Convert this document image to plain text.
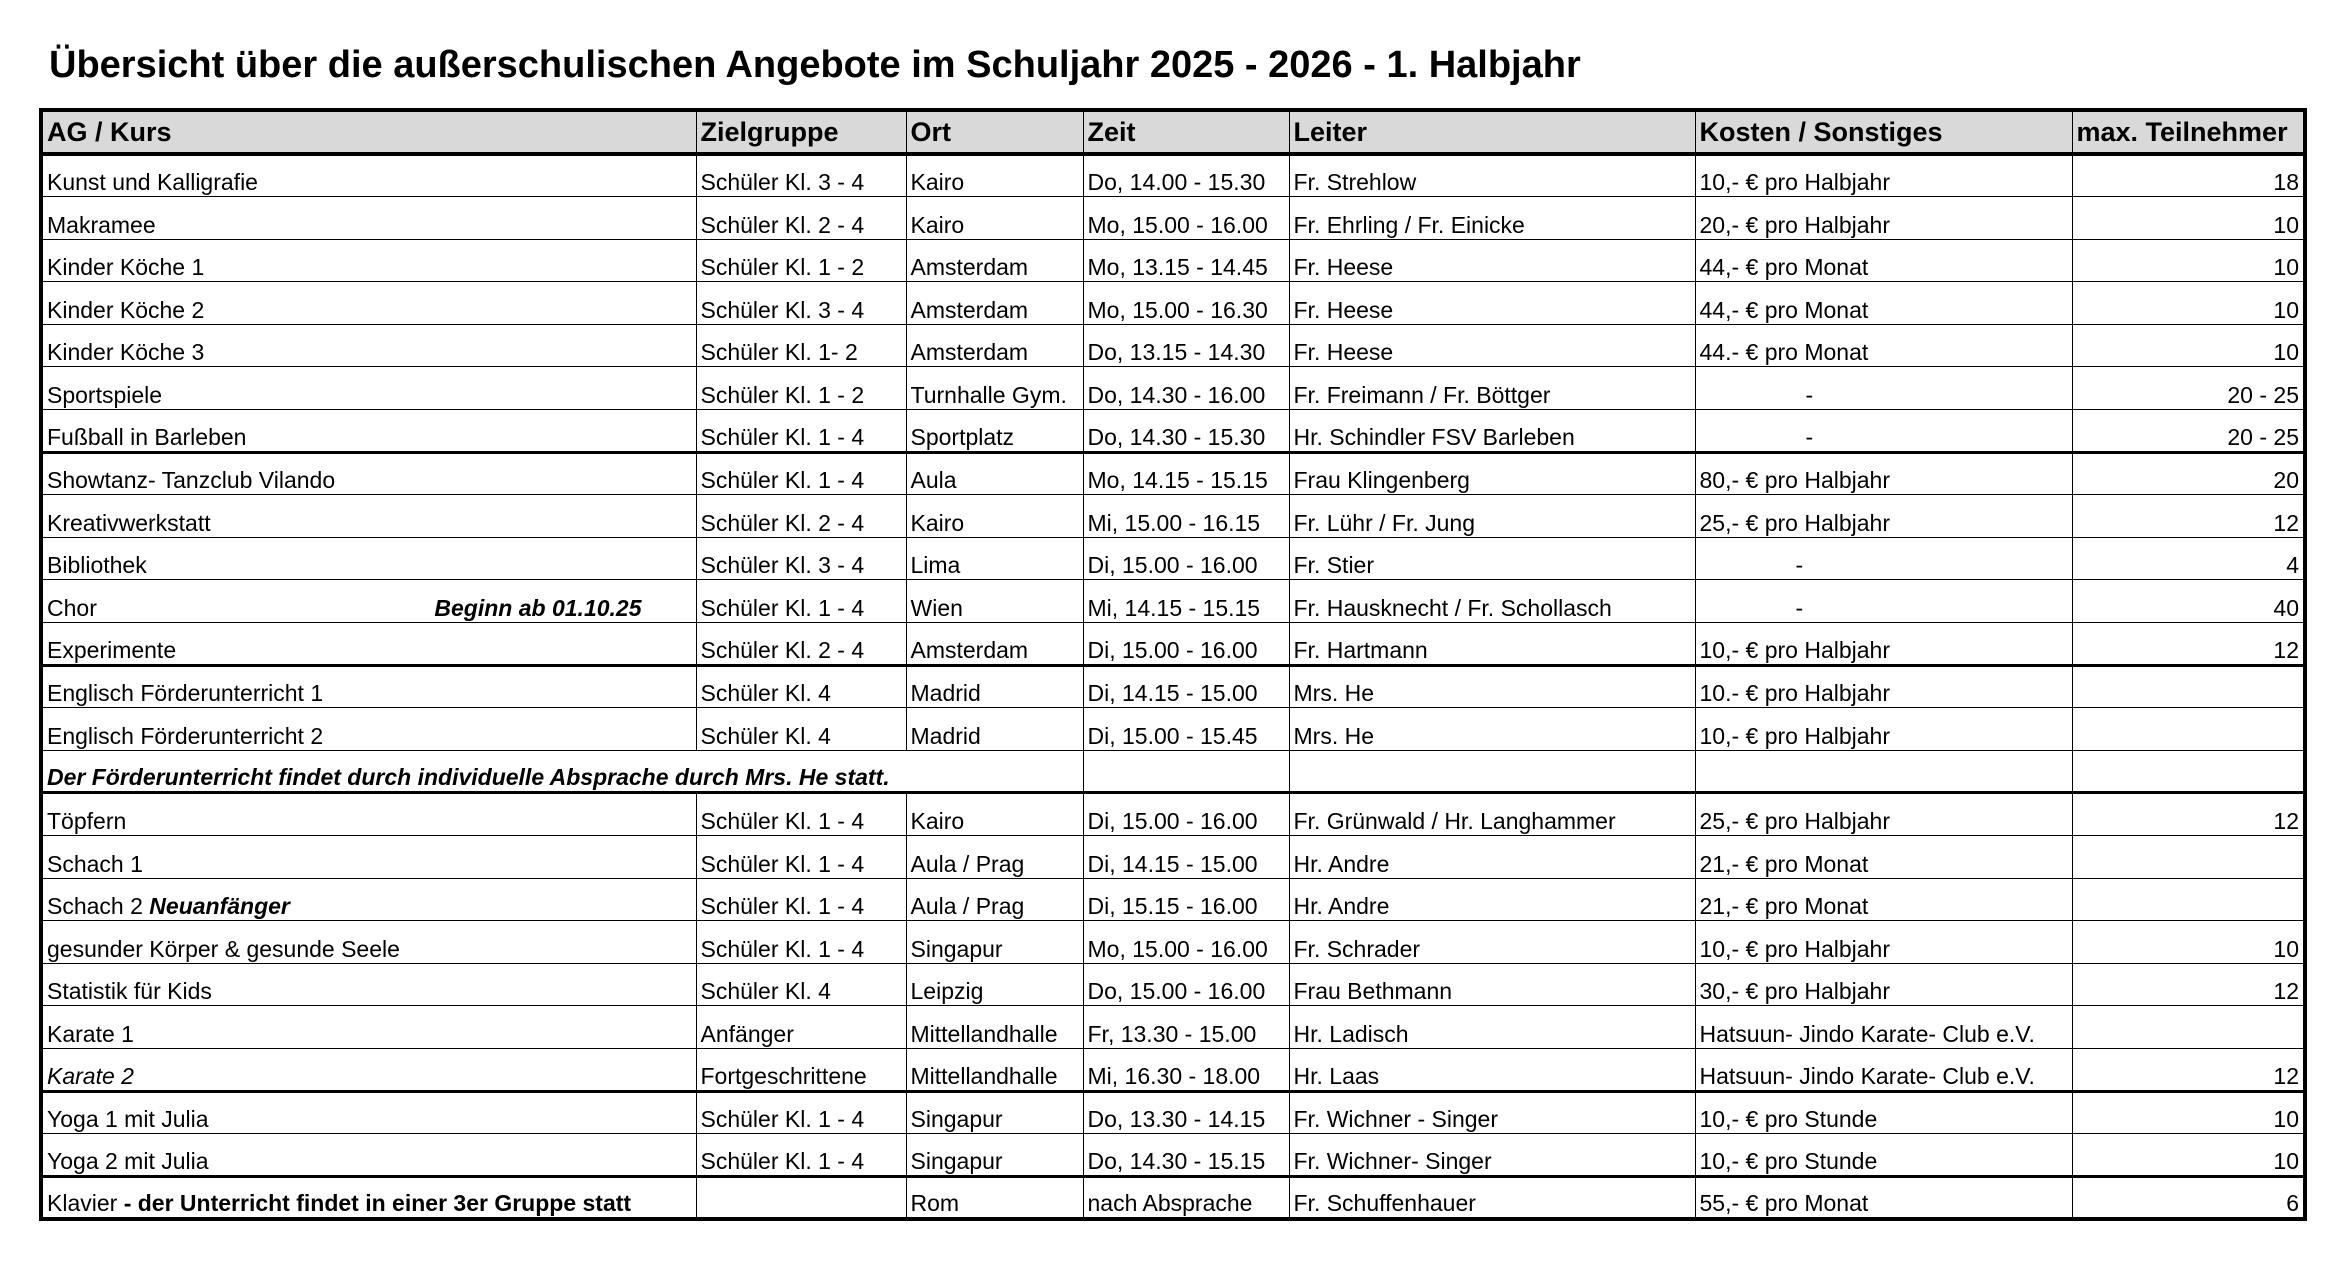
Übersicht über die außerschulischen Angebote im Schuljahr 2025 - 2026 - 1. Halbjahr
AG / Kurs	Zielgruppe	Ort	Zeit	Leiter	Kosten / Sonstiges	max. Teilnehmer
Kunst und Kalligrafie	Schüler Kl. 3 - 4	Kairo	Do, 14.00 - 15.30	Fr. Strehlow	10,- € pro Halbjahr	18
Makramee	Schüler Kl. 2 - 4	Kairo	Mo, 15.00 - 16.00	Fr. Ehrling / Fr. Einicke	20,- € pro Halbjahr	10
Kinder Köche 1	Schüler Kl. 1 - 2	Amsterdam	Mo, 13.15 - 14.45	Fr. Heese	44,- € pro Monat	10
Kinder Köche 2	Schüler Kl. 3 - 4	Amsterdam	Mo, 15.00 - 16.30	Fr. Heese	44,- € pro Monat	10
Kinder Köche 3	Schüler Kl. 1- 2	Amsterdam	Do, 13.15 - 14.30	Fr. Heese	44.- € pro Monat	10
Sportspiele	Schüler Kl. 1 - 2	Turnhalle Gym.	Do, 14.30 - 16.00	Fr. Freimann / Fr. Böttger	-	20 - 25
Fußball in Barleben	Schüler Kl. 1 - 4	Sportplatz	Do, 14.30 - 15.30	Hr. Schindler FSV Barleben	-	20 - 25
Showtanz- Tanzclub Vilando	Schüler Kl. 1 - 4	Aula	Mo, 14.15 - 15.15	Frau Klingenberg	80,- € pro Halbjahr	20
Kreativwerkstatt	Schüler Kl. 2 - 4	Kairo	Mi, 15.00 - 16.15	Fr. Lühr / Fr. Jung	25,- € pro Halbjahr	12
Bibliothek	Schüler Kl. 3 - 4	Lima	Di, 15.00 - 16.00	Fr. Stier	-	4
Chor Beginn ab 01.10.25	Schüler Kl. 1 - 4	Wien	Mi, 14.15 - 15.15	Fr. Hausknecht / Fr. Schollasch	-	40
Experimente	Schüler Kl. 2 - 4	Amsterdam	Di, 15.00 - 16.00	Fr. Hartmann	10,- € pro Halbjahr	12
Englisch Förderunterricht 1	Schüler Kl. 4	Madrid	Di, 14.15 - 15.00	Mrs. He	10.- € pro Halbjahr	
Englisch Förderunterricht 2	Schüler Kl. 4	Madrid	Di, 15.00 - 15.45	Mrs. He	10,- € pro Halbjahr	
Der Förderunterricht findet durch individuelle Absprache durch Mrs. He statt.						
Töpfern	Schüler Kl. 1 - 4	Kairo	Di, 15.00 - 16.00	Fr. Grünwald / Hr. Langhammer	25,- € pro Halbjahr	12
Schach 1	Schüler Kl. 1 - 4	Aula / Prag	Di, 14.15 - 15.00	Hr. Andre	21,- € pro Monat	
Schach 2 Neuanfänger	Schüler Kl. 1 - 4	Aula / Prag	Di, 15.15 - 16.00	Hr. Andre	21,- € pro Monat	
gesunder Körper & gesunde Seele	Schüler Kl. 1 - 4	Singapur	Mo, 15.00 - 16.00	Fr. Schrader	10,- € pro Halbjahr	10
Statistik für Kids	Schüler Kl. 4	Leipzig	Do, 15.00 - 16.00	Frau Bethmann	30,- € pro Halbjahr	12
Karate 1	Anfänger	Mittellandhalle	Fr, 13.30 - 15.00	Hr. Ladisch	Hatsuun- Jindo Karate- Club e.V.	
Karate 2	Fortgeschrittene	Mittellandhalle	Mi, 16.30 - 18.00	Hr. Laas	Hatsuun- Jindo Karate- Club e.V.	12
Yoga 1 mit Julia	Schüler Kl. 1 - 4	Singapur	Do, 13.30 - 14.15	Fr. Wichner - Singer	10,- € pro Stunde	10
Yoga 2 mit Julia	Schüler Kl. 1 - 4	Singapur	Do, 14.30 - 15.15	Fr. Wichner- Singer	10,- € pro Stunde	10
Klavier - der Unterricht findet in einer 3er Gruppe statt		Rom	nach Absprache	Fr. Schuffenhauer	55,- € pro Monat	6
